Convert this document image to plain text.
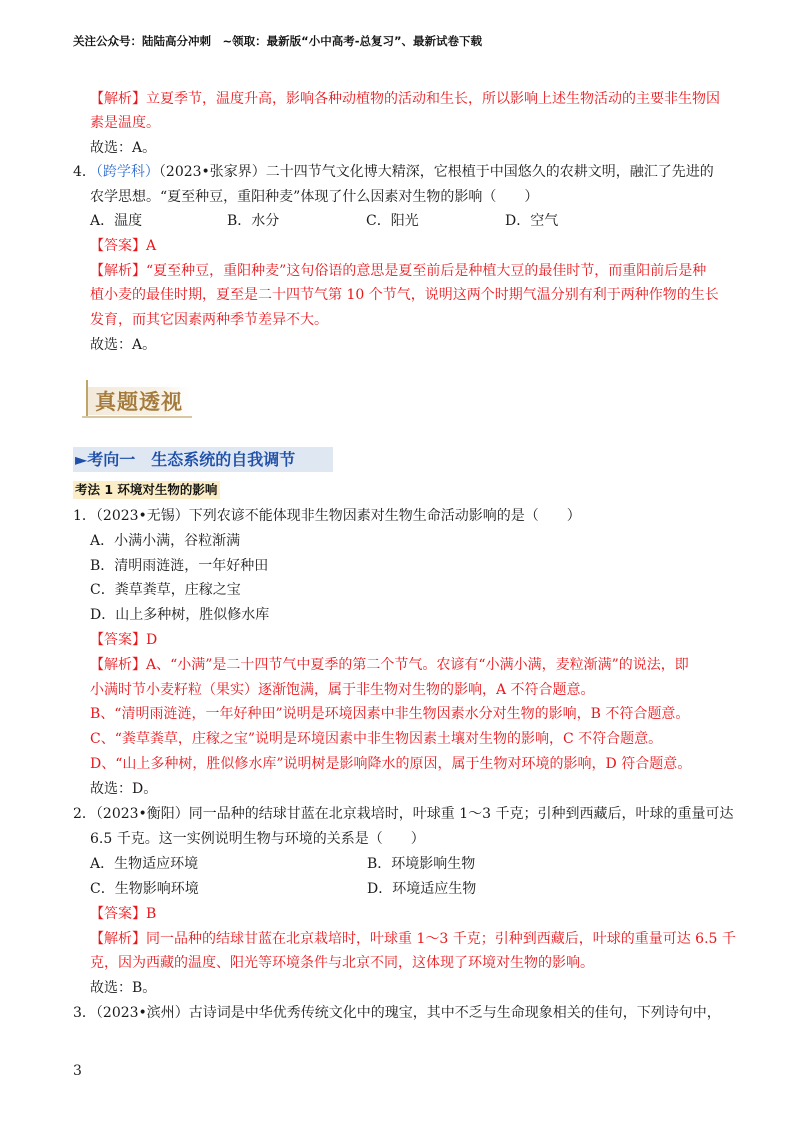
关注公众号：陆陆高分冲刺　~领取：最新版“小中高考-总复习”、最新试卷下载
【解析】立夏季节，温度升高，影响各种动植物的活动和生长，所以影响上述生物活动的主要非生物因
素是温度。
故选：A。
4．（跨学科）（2023•张家界）二十四节气文化博大精深，它根植于中国悠久的农耕文明，融汇了先进的
农学思想。“夏至种豆，重阳种麦”体现了什么因素对生物的影响（　　）
A．温度	B．水分	C．阳光	D．空气
【答案】A
【解析】“夏至种豆，重阳种麦”这句俗语的意思是夏至前后是种植大豆的最佳时节，而重阳前后是种
植小麦的最佳时期，夏至是二十四节气第 10 个节气，说明这两个时期气温分别有利于两种作物的生长
发育，而其它因素两种季节差异不大。
故选：A。
真题透视
►考向一　生态系统的自我调节
考法 1 环境对生物的影响
1．（2023•无锡）下列农谚不能体现非生物因素对生物生命活动影响的是（　　）
A．小满小满，谷粒渐满
B．清明雨涟涟，一年好种田
C．粪草粪草，庄稼之宝
D．山上多种树，胜似修水库
【答案】D
【解析】A、“小满”是二十四节气中夏季的第二个节气。农谚有“小满小满，麦粒渐满”的说法，即
小满时节小麦籽粒（果实）逐渐饱满，属于非生物对生物的影响，A 不符合题意。
B、“清明雨涟涟，一年好种田”说明是环境因素中非生物因素水分对生物的影响，B 不符合题意。
C、“粪草粪草，庄稼之宝”说明是环境因素中非生物因素土壤对生物的影响，C 不符合题意。
D、“山上多种树，胜似修水库”说明树是影响降水的原因，属于生物对环境的影响，D 符合题意。
故选：D。
2．（2023•衡阳）同一品种的结球甘蓝在北京栽培时，叶球重 1～3 千克；引种到西藏后，叶球的重量可达
6.5 千克。这一实例说明生物与环境的关系是（　　）
A．生物适应环境	B．环境影响生物
C．生物影响环境	D．环境适应生物
【答案】B
【解析】同一品种的结球甘蓝在北京栽培时，叶球重 1～3 千克；引种到西藏后，叶球的重量可达 6.5 千
克，因为西藏的温度、阳光等环境条件与北京不同，这体现了环境对生物的影响。
故选：B。
3．（2023•滨州）古诗词是中华优秀传统文化中的瑰宝，其中不乏与生命现象相关的佳句，下列诗句中，
3
